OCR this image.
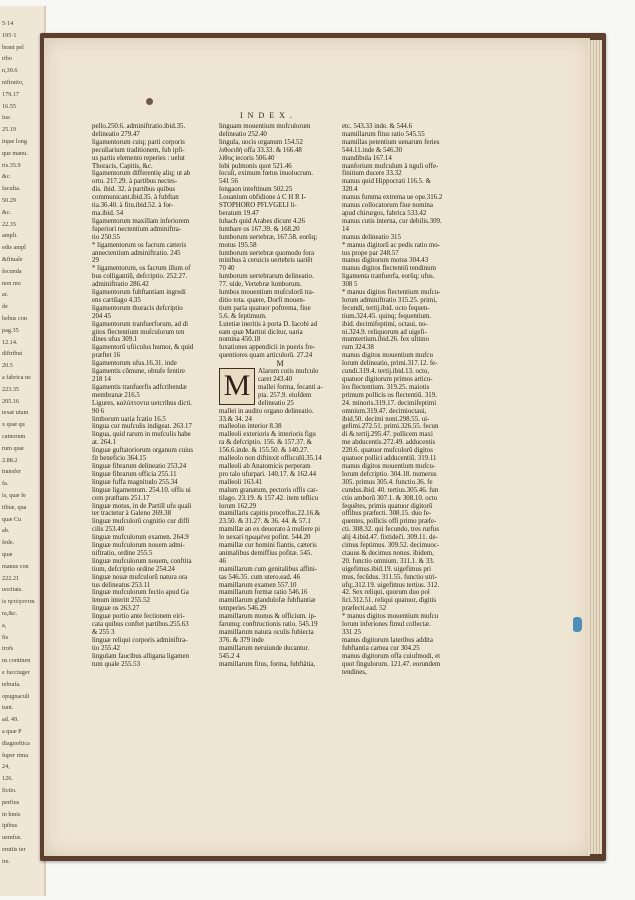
5·14
195·1
brani pel
ribo
n,30.6
niftratio,
179.17
16.55
ius:
25.19
tique long
que manu.
ris.35.9
&c.
faculta.
50.29
&c.
22.35
ampli.
edis ampl
&fituale
fecunda
non mo
ar.
de
bebus con
pag.35
12.14.
diftribut
20.5
a fabrica ne
223.35
205.16
texat uium
x quæ qu
catnorum
rum quæ
2.88.2
transfer
fa.
is, quæ fe
tibiæ, qua
quæ Cu
ab.
fede.
quæ
manus con
222.21
uocitats.
is ηετέγονται
ra,&c.
a,
fis
trofs
ns continen
e fucciuger
tebrafa.
opugnaculi
tunt.
ad. 49.
a quæ P
diagnoftica
fuper rima
24,
126.
fictio.
perfius
in hmis
ipibus
uemfus.
erutiis ter
ire.
INDEX.
pello.250.6. adminiftratio.ibid.35.
delineatio 279.47
ligamentorum cuiq; parti corporis
peculiarium traditionem, fub ipfi-
us partis elemento reperies : uelut
Thoracis, Capitis, &c.
ligamentorum differentię aliq; ut ab
ortu. 217.29. à partibus nectes-
dis. ibid. 32. à partibus quibus
communicant.ibid.35. à fubftan
tia.36.40. à fitu.ibid.52. à for-
ma.ibid. 54
ligamentorum maxillam inferiorem
fuperiori nectentium adminiftra-
tio 250.55
* ligamentorum os facrum cæteris
annectentium adminiftratio. 245
29
* ligamentorum, os facrum illum of
bus colligantiŭ, defcriptio. 252.27.
adminiftratio 286.42
ligamentorum fubftantiam ingredi
ens cartilago 4.35
ligamentorum thoracis defcriptio
204 45
ligamentorum tranfuerforum, ad di
gitos flectentium mufculorum ten
dines ufus 309.1
ligamentorŭ ufiiculus humor, & quid
præftet 16
ligamentorum ufus.16.31. inde
ligamentis cõmune, obtufe fentire
218 14
ligamentis tranfuerfis adfcribendæ
membranæ 216.5
Ligures, καλύπτοντα uetcribus dicti.
90 6
limborum uaria fcatio 16.5
lingua cur mufculis indigeat. 263.17
lingua, quid rarum in mufculis habe
at. 264.1
linguæ guftatoriorum organum cuius
fit beneficio 364.15
linguæ fibrarum delineatio 253.24
linguæ fibrarum officia 255.11
linguæ fuffa magnitudo 255.34
linguæ ligamentum. 254.10. offis ui
cem præftans 251.17
linguæ motus, in de Partill ufu quali
ter tractetur à Galeno 269.38
linguæ mufculorŭ cognitio cur diffi
cilis 253.40
linguæ mufculorum examen. 264.9
linguæ mufculorum nouem admi-
niftratio, ordine 255.5
linguæ mufculorum nouem, conftita
tium, defcriptio ordine 254.24
linguæ nouæ mufculorŭ natura ora
tus delineatus 253.11
linguæ mufculorum fectio apud Ga
lenum interitt 255.52
linguæ os 263.27
linguæ portio ante fectionem eiri-
cata quibus conftet partibus.255.63
& 255 3
linguæ reliqui corporis adminiftra-
tio 255.42
lingulam faucibus alligana ligamen
tum quale 255.53
linguam mouentium mufculorum
delineatio 252.40
lingula, uocis organum 154.52
λιθοειδὴ offa 33.33. & 166.48
λίθος iecoris 506.40
lobi pulmonis quot 521.46
loculi, eximum fœtus inuolucrum.
541 56
longaon inteftinum 502.25
Louanium obfidione à C H R I-
STOPHORO PFLVGELI li-
beratum 19.47
luhach quid Arabes dicunt 4.26
lumbare os 167.39. & 168.20
lumborum uertebræ, 167.58. eorũq;
motus 195.58
lumborum uertebræ quomodo fora
minibus à ceruicis uertebris uariēt
70 40
lumborum uertebrarum delineatio.
77. uide, Vertebræ lumborum.
lumbos mouentium mufculorŭ tra-
ditio tota. quære, Dorfi mouen-
tium paria quatuor poftrema, fiue
5.6. & feptimum.
Lutetiæ ineritis à porta D. Iacobi ad
eam quæ Martini dicitur, uaria
nomina 450.18
luxationes appendicii in pueris fre-
quentiores quam articulorũ. 27.24
M
M	Alarum cutis mufculo
caret 243.40
mallei forma, fecanti a-
pta. 257.9. eiufdem
delineatio 25
mallei in audito organo delineatio.
33.& 34. 24
malleolus interior 8.38
malleoli exterioris & interioris figu
ra & defcriptio. 156. & 157.37. &
156.6.inde. & 155.50. & 140.27.
malleolo non diftinxit offiıculŭ.35.14
malleoli ab Anatomicis perperam
pro talo ufurpari. 140.17. & 162.44
malleoli 163.41
malum granatum, pectoris offis car-
tilago. 23.19. & 157.42. item teflicu
lorum 162.29
mamillaris capitis proceffus.22.16.&
23.50. & 31.27. & 36. 44. & 57.1
mamillæ an ex deuorato à muliere pi
lo uexari ηρωμένα pofint. 544.20
mamillæ cur homini fiantis, cæteris
animalibus demiffius pofitæ. 545.
46
mamillarum cum genitalibus affini-
tas 546.35. cum utero.ead. 46
mamillarum examen 557.10
mamillarum formæ ratio 546.16
mamillarum glandulofæ fubftantiæ
temperies 546.29
mamillarum munus & officium. ip-
farumq; conftructionis ratio. 545.19
mamillarum natura oculis fubiecta
376. & 379 inde
mamillarum neruiunde ducantur.
545.2 4
mamillarum fitus, forma, fubftätia,
etc. 543.33 inde. & 544.6
mamillarum fitus ratio 545.55
mamillas petentium uenarum feries
544.11.inde & 546.30
mandibula 167.14
manforium mufculum à nguli offe-
finitium ducere 33.32
manus quid Hippocrati 116.5. &
320.4
manus fumma extrema ue ope.316.2
manus collocatorum fiue nomina
apud chirurgos, fabrica 533.42
manus cutis interna, cur debilis.309.
14
manus delineatio 315
* manus digitorū ac pedis ratio mo-
tus prope par 248.57
manus digitorum motus 304.43
manus digitos flectentiŭ tendinum
ligamenta tranfuerfa, eorũq; ufus.
308 5
* manus digitos flectentium mufcu-
lorum adminiftratio 315.25. primi,
fecundi, tertij.ibid. octo fequen-
tium.324.45. quinq; fequentium.
ibid. decimifeptimi, octaui, no-
ni.324.9. reliquorum ad uigefi-
mumtertium.ibid.26. fex ultimo
rum 324.38
manus digitos mouentium mufcu
lorum delineatio, primi.317.12. fe-
cundi.319.4. tertij.ibid.13. octo,
quatuor digitorum primos articu-
los flectentium. 319.25. maiotis
primum pollicis os flectentiŭ. 319.
24. minoris.319.17. decimifeptimi
omnium.319.47. decimioctaui,
ibid.50. decimi noni.298.55. ui-
gefimi.272.51. primi.326.55. fecun
di & tertij.295.47. pollicem maxi
me abducentis.272.49. adducentis
220.6. quatuor mufculorŭ digitos
quatuor pollici adducentiŭ. 319.11
manus digitos mouentium mufcu-
lorum defcriptio. 304.18. numerus
305. primus 305.4. functio.36. fe
cundus.ibid. 40. tertius.305.46. fun
ctio amborŭ 307.1. & 308.10. octo
fequêtes, primis quatuor digitorũ
offibus præfecti. 308.15. duo fe-
quentes, pollicis offi primo præfe-
cti. 308.32. qui fecundo, tres rurfus
alij 4.ibid.47. fixtideĉi. 309.11. de-
cimus feptimus. 309.52. decimuoc-
ctauus & decimus nonus. ibidem,
20. functio omnium. 311.1. & 33.
uigefimus.ibid.19. uigefimus pri
mus, fecūdus. 311.55. functio utri-
ufq;.312.19. uigefimus tertius. 312.
42. Sex reliqui, quorum duo pol
lici.312.51. reliqui quatuor, digitis
præfecti.ead. 52
* manus digitos mouentium mufcu
lorum inferiones fimul collectæ.
331 25
manus digitorum lateribus addita
fubftantia carnea cur 304.25
manus digitorum offa cuiufmodi, et
quot fingulorum. 121.47. eorundem
tendines,
